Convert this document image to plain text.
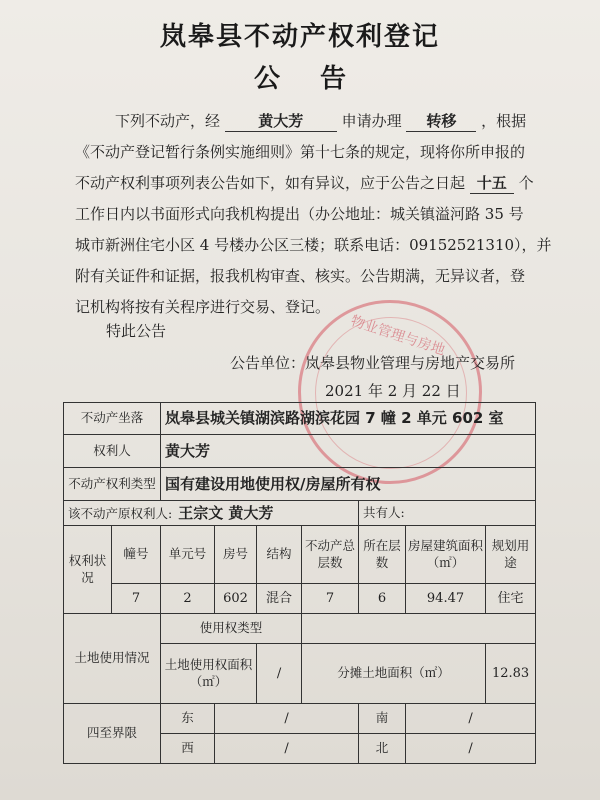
岚皋县不动产权利登记
公告
下列不动产，经	黄大芳	申请办理 转移 ，根据
《不动产登记暂行条例实施细则》第十七条的规定，现将你所申报的
不动产权利事项列表公告如下，如有异议，应于公告之日起 十五 个
工作日内以书面形式向我机构提出（办公地址：城关镇溢河路 35 号
城市新洲住宅小区 4 号楼办公区三楼；联系电话：09152521310），并
附有关证件和证据，报我机构审查、核实。公告期满，无异议者，登
记机构将按有关程序进行交易、登记。
特此公告	物业管理与房地
公告单位：岚皋县物业管理与房地产交易所
2021 年 2 月 22 日
不动产坐落		岚皋县城关镇湖滨路湖滨花园 7 幢 2 单元 602 室						
权利人		黄大芳						
不动产权利类型		国有建设用地使用权/房屋所有权						
该不动产原权利人: 王宗文 黄大芳						共有人:		
权利状况	幢号	单元号	房号	结构	不动产总层数	所在层数	房屋建筑面积（㎡）	规划用途
	7	2	602	混合	7	6	94.47	住宅
土地使用情况		使用权类型						
		土地使用权面积（㎡）		/	分摊土地面积（㎡）			12.83
四至界限		东	/			南	/	
		西	/			北	/	
